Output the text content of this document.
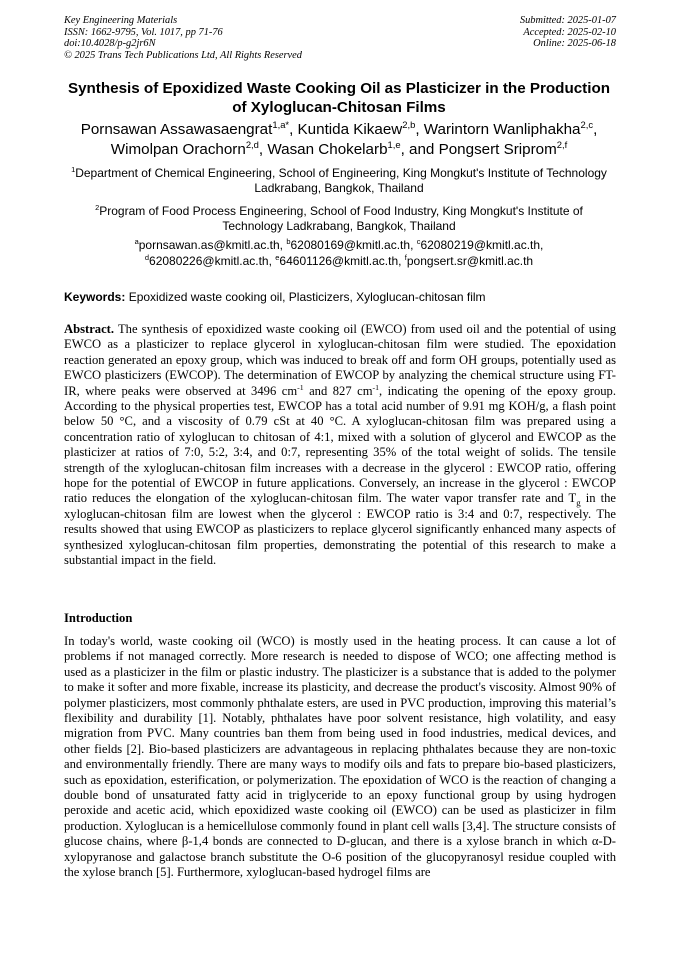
Key Engineering Materials
ISSN: 1662-9795, Vol. 1017, pp 71-76
doi:10.4028/p-g2jr6N
© 2025 Trans Tech Publications Ltd, All Rights Reserved
Submitted: 2025-01-07
Accepted: 2025-02-10
Online: 2025-06-18
Synthesis of Epoxidized Waste Cooking Oil as Plasticizer in the Production of Xyloglucan-Chitosan Films
Pornsawan Assawasaengrat$^{1,a*}$, Kuntida Kikaew$^{2,b}$, Warintorn Wanliphakha$^{2,c}$,
Wimolpan Orachorn$^{2,d}$, Wasan Chokelarb$^{1,e}$, and Pongsert Sriprom$^{2,f}$
$^1$Department of Chemical Engineering, School of Engineering, King Mongkut's Institute of Technology Ladkrabang, Bangkok, Thailand
$^2$Program of Food Process Engineering, School of Food Industry, King Mongkut's Institute of Technology Ladkrabang, Bangkok, Thailand
$^a$pornsawan.as@kmitl.ac.th, $^b$62080169@kmitl.ac.th, $^c$62080219@kmitl.ac.th,
$^d$62080226@kmitl.ac.th, $^e$64601126@kmitl.ac.th, $^f$pongsert.sr@kmitl.ac.th
Keywords: Epoxidized waste cooking oil, Plasticizers, Xyloglucan-chitosan film
Abstract. The synthesis of epoxidized waste cooking oil (EWCO) from used oil and the potential of using EWCO as a plasticizer to replace glycerol in xyloglucan-chitosan film were studied. The epoxidation reaction generated an epoxy group, which was induced to break off and form OH groups, potentially used as EWCO plasticizers (EWCOP). The determination of EWCOP by analyzing the chemical structure using FT-IR, where peaks were observed at 3496 $cm^{-1}$ and 827 $cm^{-1}$, indicating the opening of the epoxy group. According to the physical properties test, EWCOP has a total acid number of 9.91 mg KOH/g, a flash point below 50 °C, and a viscosity of 0.79 cSt at 40 °C. A xyloglucan-chitosan film was prepared using a concentration ratio of xyloglucan to chitosan of 4:1, mixed with a solution of glycerol and EWCOP as the plasticizer at ratios of 7:0, 5:2, 3:4, and 0:7, representing 35% of the total weight of solids. The tensile strength of the xyloglucan-chitosan film increases with a decrease in the glycerol : EWCOP ratio, offering hope for the potential of EWCOP in future applications. Conversely, an increase in the glycerol : EWCOP ratio reduces the elongation of the xyloglucan-chitosan film. The water vapor transfer rate and $T_g$ in the xyloglucan-chitosan film are lowest when the glycerol : EWCOP ratio is 3:4 and 0:7, respectively. The results showed that using EWCOP as plasticizers to replace glycerol significantly enhanced many aspects of synthesized xyloglucan-chitosan film properties, demonstrating the potential of this research to make a substantial impact in the field.
Introduction
In today's world, waste cooking oil (WCO) is mostly used in the heating process. It can cause a lot of problems if not managed correctly. More research is needed to dispose of WCO; one affecting method is used as a plasticizer in the film or plastic industry. The plasticizer is a substance that is added to the polymer to make it softer and more fixable, increase its plasticity, and decrease the product's viscosity. Almost 90% of polymer plasticizers, most commonly phthalate esters, are used in PVC production, improving this material’s flexibility and durability [1]. Notably, phthalates have poor solvent resistance, high volatility, and easy migration from PVC. Many countries ban them from being used in food industries, medical devices, and other fields [2]. Bio-based plasticizers are advantageous in replacing phthalates because they are non-toxic and environmentally friendly. There are many ways to modify oils and fats to prepare bio-based plasticizers, such as epoxidation, esterification, or polymerization. The epoxidation of WCO is the reaction of changing a double bond of unsaturated fatty acid in triglyceride to an epoxy functional group by using hydrogen peroxide and acetic acid, which epoxidized waste cooking oil (EWCO) can be used as plasticizer in film production. Xyloglucan is a hemicellulose commonly found in plant cell walls [3,4]. The structure consists of glucose chains, where β-1,4 bonds are connected to D-glucan, and there is a xylose branch in which α-D-xylopyranose and galactose branch substitute the O-6 position of the glucopyranosyl residue coupled with the xylose branch [5]. Furthermore, xyloglucan-based hydrogel films are
